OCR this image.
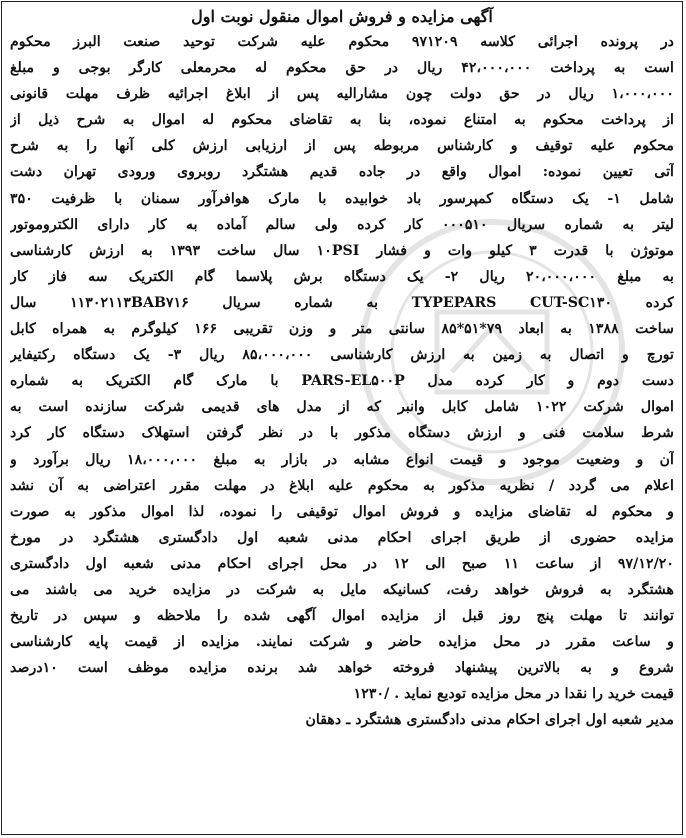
آگهی مزایده و فروش اموال منقول نوبت اول
در پرونده اجرائی کلاسه ۹۷۱۲۰۹ محکوم علیه شرکت توحید صنعت البرز محکوم
است به پرداخت ۴۲،۰۰۰،۰۰۰ ریال در حق محکوم له محرمعلی کارگر بوجی و مبلغ
۱،۰۰۰،۰۰۰ ریال در حق دولت چون مشارالیه پس از ابلاغ اجرائیه ظرف مهلت قانونی
از پرداخت محکوم به امتناع نموده، بنا به تقاضای محکوم له اموال به شرح ذیل از
محکوم علیه توقیف و کارشناس مربوطه پس از ارزیابی ارزش کلی آنها را به شرح
آتی تعیین نموده: اموال واقع در جاده قدیم هشتگرد روبروی ورودی تهران دشت
شامل ۱- یک دستگاه کمپرسور باد خوابیده با مارک هوافرآور سمنان با ظرفیت ۳۵۰
لیتر به شماره سریال ۰۰۰۵۱۰ کار کرده ولی سالم آماده به کار دارای الکتروموتور
موتوژن با قدرت ۳ کیلو وات و فشار ۱۰PSI سال ساخت ۱۳۹۳ به ارزش کارشناسی
به مبلغ ۲۰،۰۰۰،۰۰۰ ریال ۲- یک دستگاه برش پلاسما گام الکتریک سه فاز کار
کرده TYPEPARS CUT-SC۱۳۰ به شماره سریال ۱۱۳۰۲۱۱۳BAB۷۱۶ سال
ساخت ۱۳۸۸ به ابعاد ۷۹*۵۱*۸۵ سانتی متر و وزن تقریبی ۱۶۶ کیلوگرم به همراه کابل
تورچ و اتصال به زمین به ارزش کارشناسی ۸۵،۰۰۰،۰۰۰ ریال ۳- یک دستگاه رکتیفایر
دست دوم و کار کرده مدل PARS-EL۵۰۰P با مارک گام الکتریک به شماره
اموال شرکت ۱۰۲۲ شامل کابل وانبر که از مدل های قدیمی شرکت سازنده است به
شرط سلامت فنی و ارزش دستگاه مذکور با در نظر گرفتن استهلاک دستگاه کار کرد
آن و وضعیت موجود و قیمت انواع مشابه در بازار به مبلغ ۱۸،۰۰۰،۰۰۰ ریال برآورد و
اعلام می گردد / نظریه مذکور به محکوم علیه ابلاغ در مهلت مقرر اعتراضی به آن نشد
و محکوم له تقاضای مزایده و فروش اموال توقیفی را نموده، لذا اموال مذکور به صورت
مزایده حضوری از طریق اجرای احکام مدنی شعبه اول دادگستری هشتگرد در مورخ
۹۷/۱۲/۲۰ از ساعت ۱۱ صبح الی ۱۲ در محل اجرای احکام مدنی شعبه اول دادگستری
هشتگرد به فروش خواهد رفت، کسانیکه مایل به شرکت در مزایده خرید می باشند می
توانند تا مهلت پنج روز قبل از مزایده اموال آگهی شده را ملاحظه و سپس در تاریخ
و ساعت مقرر در محل مزایده حاضر و شرکت نمایند. مزایده از قیمت پایه کارشناسی
شروع و به بالاترین پیشنهاد فروخته خواهد شد برنده مزایده موظف است ۱۰درصد
قیمت خرید را نقدا در محل مزایده تودیع نماید . /۱۲۳۰
مدیر شعبه اول اجرای احکام مدنی دادگستری هشتگرد ـ دهقان
